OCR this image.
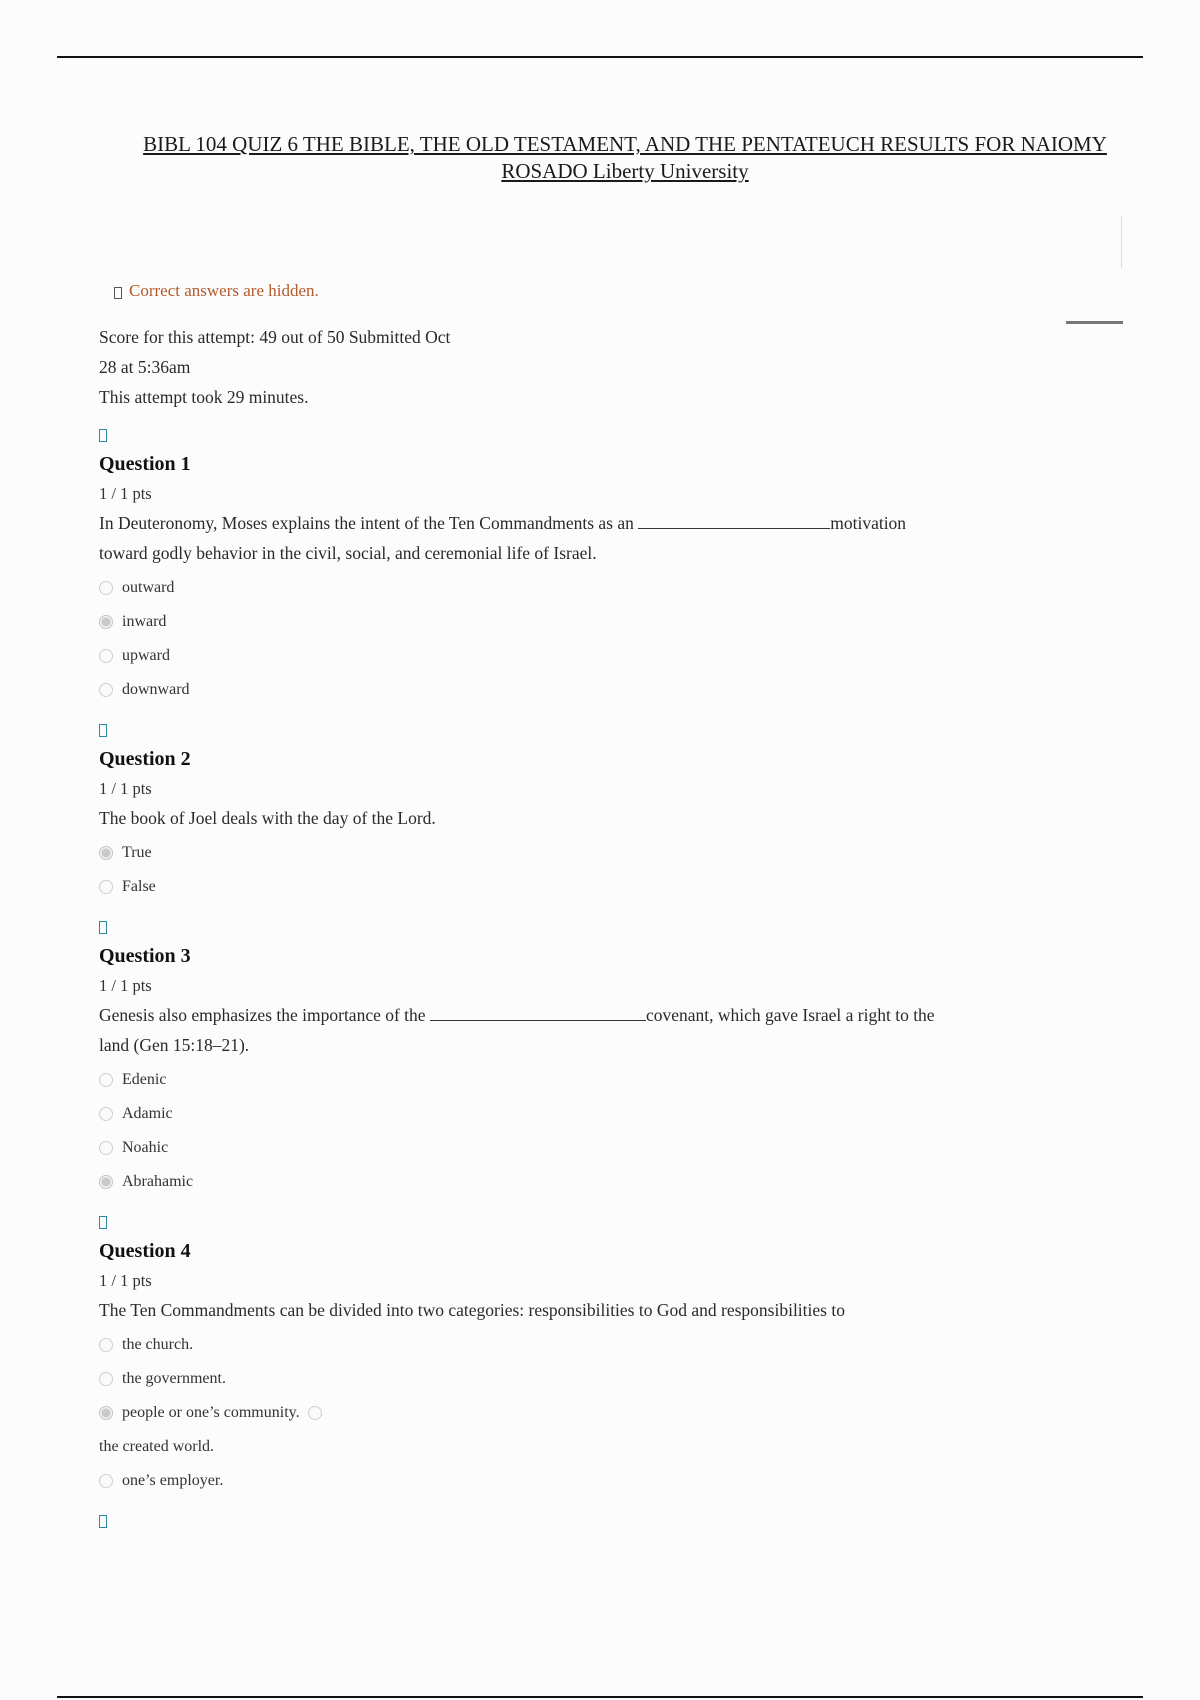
BIBL 104 QUIZ 6 THE BIBLE, THE OLD TESTAMENT, AND THE PENTATEUCH RESULTS FOR NAIOMY ROSADO Liberty University
Correct answers are hidden.
Score for this attempt: 49 out of 50 Submitted Oct
28 at 5:36am
This attempt took 29 minutes.
Question 1
1 / 1 pts
In Deuteronomy, Moses explains the intent of the Ten Commandments as an	motivation
toward godly behavior in the civil, social, and ceremonial life of Israel.
outward
inward
upward
downward
Question 2
1 / 1 pts
The book of Joel deals with the day of the Lord.
True
False
Question 3
1 / 1 pts
Genesis also emphasizes the importance of the	covenant, which gave Israel a right to the
land (Gen 15:18–21).
Edenic
Adamic
Noahic
Abrahamic
Question 4
1 / 1 pts
The Ten Commandments can be divided into two categories: responsibilities to God and responsibilities to
the church.
the government.
people or one’s community.
the created world.
one’s employer.
